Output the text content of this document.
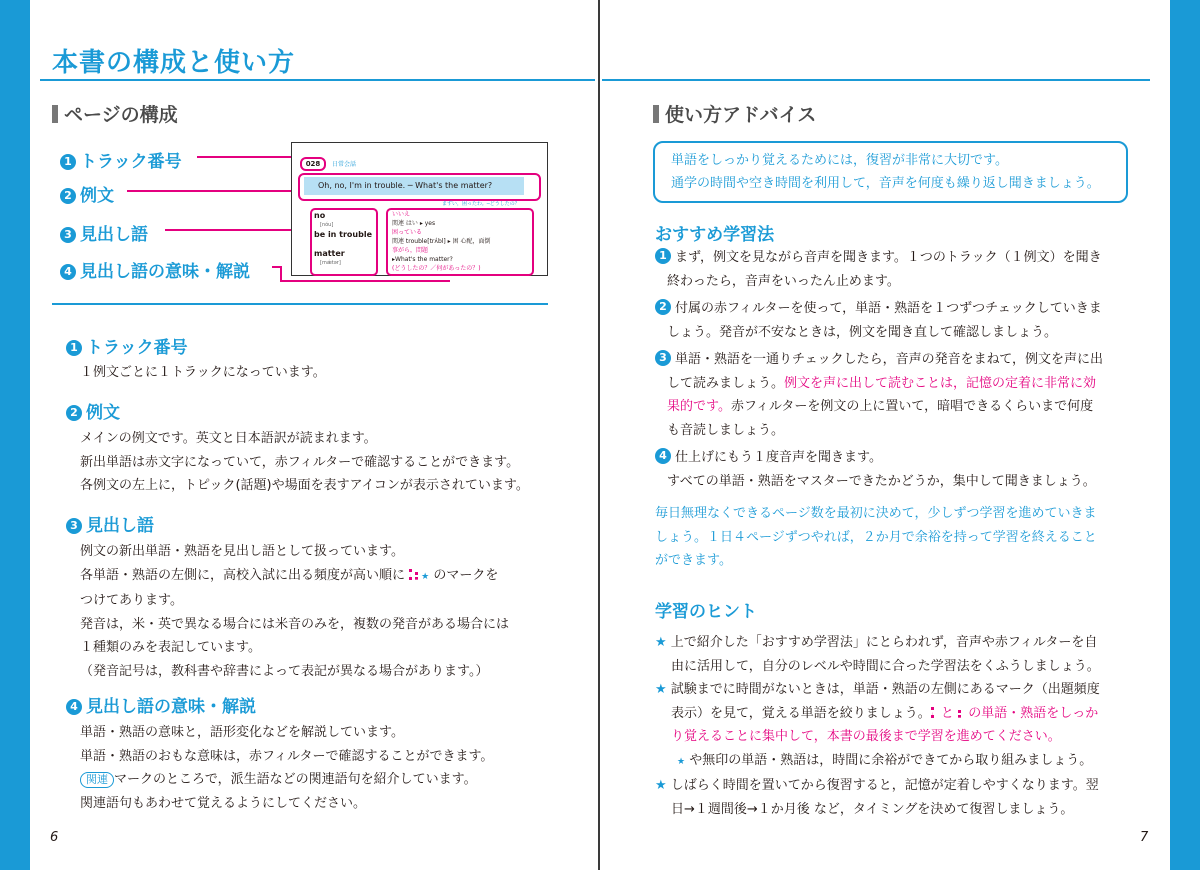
本書の構成と使い方
ページの構成
1 トラック番号
2 例文
3 見出し語
4 見出し語の意味・解説
028	日常会話
Oh, no, I'm in trouble. ─ What's the matter?
まずい，困ったわ。─どうしたの？
no
[nóu]
be in trouble
matter
[mǽtər]
いいえ
関連 はい ▸ yes
困っている
関連 trouble[trʌ́bl] ▸ 困 心配，面倒
事がら，問題
▸What's the matter?
(どうしたの？／何があったの？)
1 トラック番号
１例文ごとに１トラックになっています。
2 例文
メインの例文です。英文と日本語訳が読まれます。
新出単語は赤文字になっていて，赤フィルターで確認することができます。
各例文の左上に，トピック(話題)や場面を表すアイコンが表示されています。
3 見出し語
例文の新出単語・熟語を見出し語として扱っています。
各単語・熟語の左側に，高校入試に出る頻度が高い順に ★ のマークを
つけてあります。
発音は，米・英で異なる場合には米音のみを，複数の発音がある場合には
１種類のみを表記しています。
（発音記号は，教科書や辞書によって表記が異なる場合があります。）
4 見出し語の意味・解説
単語・熟語の意味と，語形変化などを解説しています。
単語・熟語のおもな意味は，赤フィルターで確認することができます。
関連 マークのところで，派生語などの関連語句を紹介しています。
関連語句もあわせて覚えるようにしてください。
6
使い方アドバイス
単語をしっかり覚えるためには，復習が非常に大切です。
通学の時間や空き時間を利用して，音声を何度も繰り返し聞きましょう。
おすすめ学習法
1 まず，例文を見ながら音声を聞きます。１つのトラック（１例文）を聞き
終わったら，音声をいったん止めます。
2 付属の赤フィルターを使って，単語・熟語を１つずつチェックしていきま
しょう。発音が不安なときは，例文を聞き直して確認しましょう。
3 単語・熟語を一通りチェックしたら，音声の発音をまねて，例文を声に出
して読みましょう。例文を声に出して読むことは，記憶の定着に非常に効
果的です。赤フィルターを例文の上に置いて，暗唱できるくらいまで何度
も音読しましょう。
4 仕上げにもう１度音声を聞きます。
すべての単語・熟語をマスターできたかどうか，集中して聞きましょう。
毎日無理なくできるページ数を最初に決めて，少しずつ学習を進めていきま
しょう。１日４ページずつやれば，２か月で余裕を持って学習を終えること
ができます。
学習のヒント
★ 上で紹介した「おすすめ学習法」にとらわれず，音声や赤フィルターを自
由に活用して，自分のレベルや時間に合った学習法をくふうしましょう。
★ 試験までに時間がないときは，単語・熟語の左側にあるマーク（出題頻度
表示）を見て，覚える単語を絞りましょう。 と の単語・熟語をしっか
り覚えることに集中して，本書の最後まで学習を進めてください。
★ や無印の単語・熟語は，時間に余裕ができてから取り組みましょう。
★ しばらく時間を置いてから復習すると，記憶が定着しやすくなります。翌
日→１週間後→１か月後 など，タイミングを決めて復習しましょう。
7
